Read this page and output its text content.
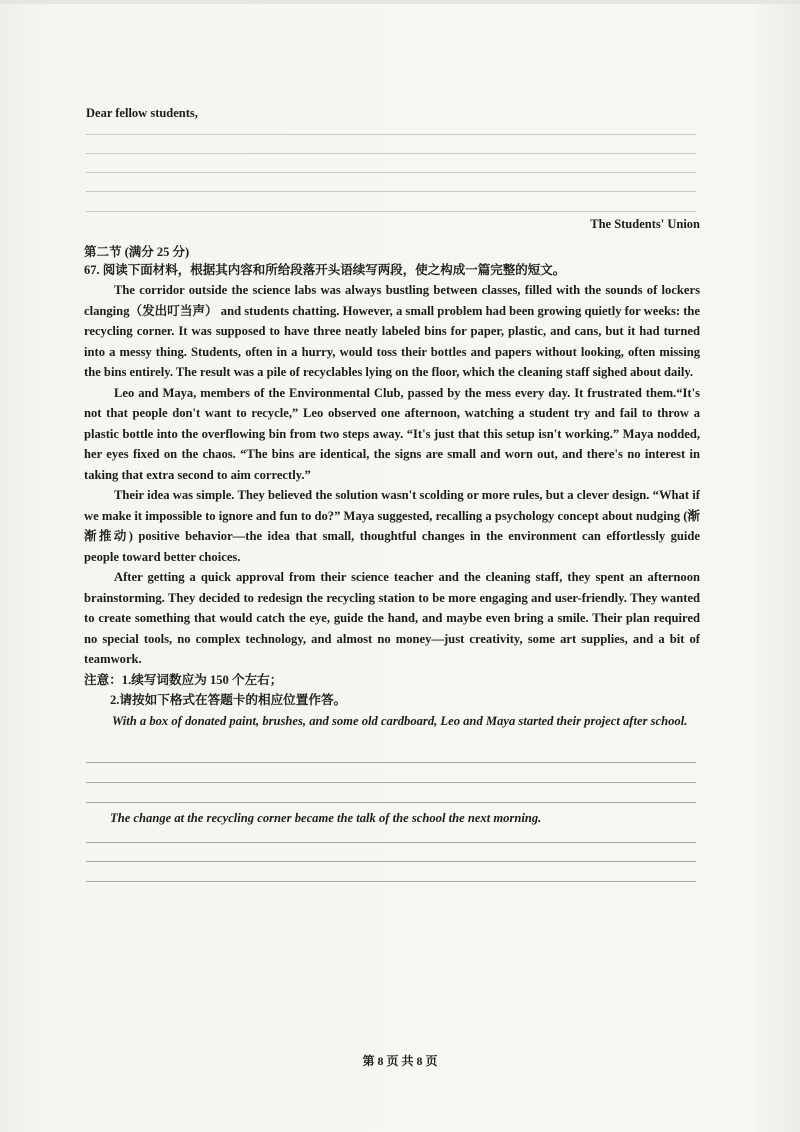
Dear fellow students,
The Students' Union
第二节 (满分 25 分)
67. 阅读下面材料，根据其内容和所给段落开头语续写两段，使之构成一篇完整的短文。

The corridor outside the science labs was always bustling between classes, filled with the sounds of lockers clanging（发出叮当声） and students chatting. However, a small problem had been growing quietly for weeks: the recycling corner. It was supposed to have three neatly labeled bins for paper, plastic, and cans, but it had turned into a messy thing. Students, often in a hurry, would toss their bottles and papers without looking, often missing the bins entirely. The result was a pile of recyclables lying on the floor, which the cleaning staff sighed about daily.

Leo and Maya, members of the Environmental Club, passed by the mess every day. It frustrated them.“It's not that people don't want to recycle,” Leo observed one afternoon, watching a student try and fail to throw a plastic bottle into the overflowing bin from two steps away. “It's just that this setup isn't working.” Maya nodded, her eyes fixed on the chaos. “The bins are identical, the signs are small and worn out, and there's no interest in taking that extra second to aim correctly.”

Their idea was simple. They believed the solution wasn't scolding or more rules, but a clever design. “What if we make it impossible to ignore and fun to do?” Maya suggested, recalling a psychology concept about nudging (渐渐推动) positive behavior—the idea that small, thoughtful changes in the environment can effortlessly guide people toward better choices.

After getting a quick approval from their science teacher and the cleaning staff, they spent an afternoon brainstorming. They decided to redesign the recycling station to be more engaging and user-friendly. They wanted to create something that would catch the eye, guide the hand, and maybe even bring a smile. Their plan required no special tools, no complex technology, and almost no money—just creativity, some art supplies, and a bit of teamwork.

注意：1.续写词数应为 150 个左右；
2.请按如下格式在答题卡的相应位置作答。
With a box of donated paint, brushes, and some old cardboard, Leo and Maya started their project after school.
The change at the recycling corner became the talk of the school the next morning.
第 8 页 共 8 页
